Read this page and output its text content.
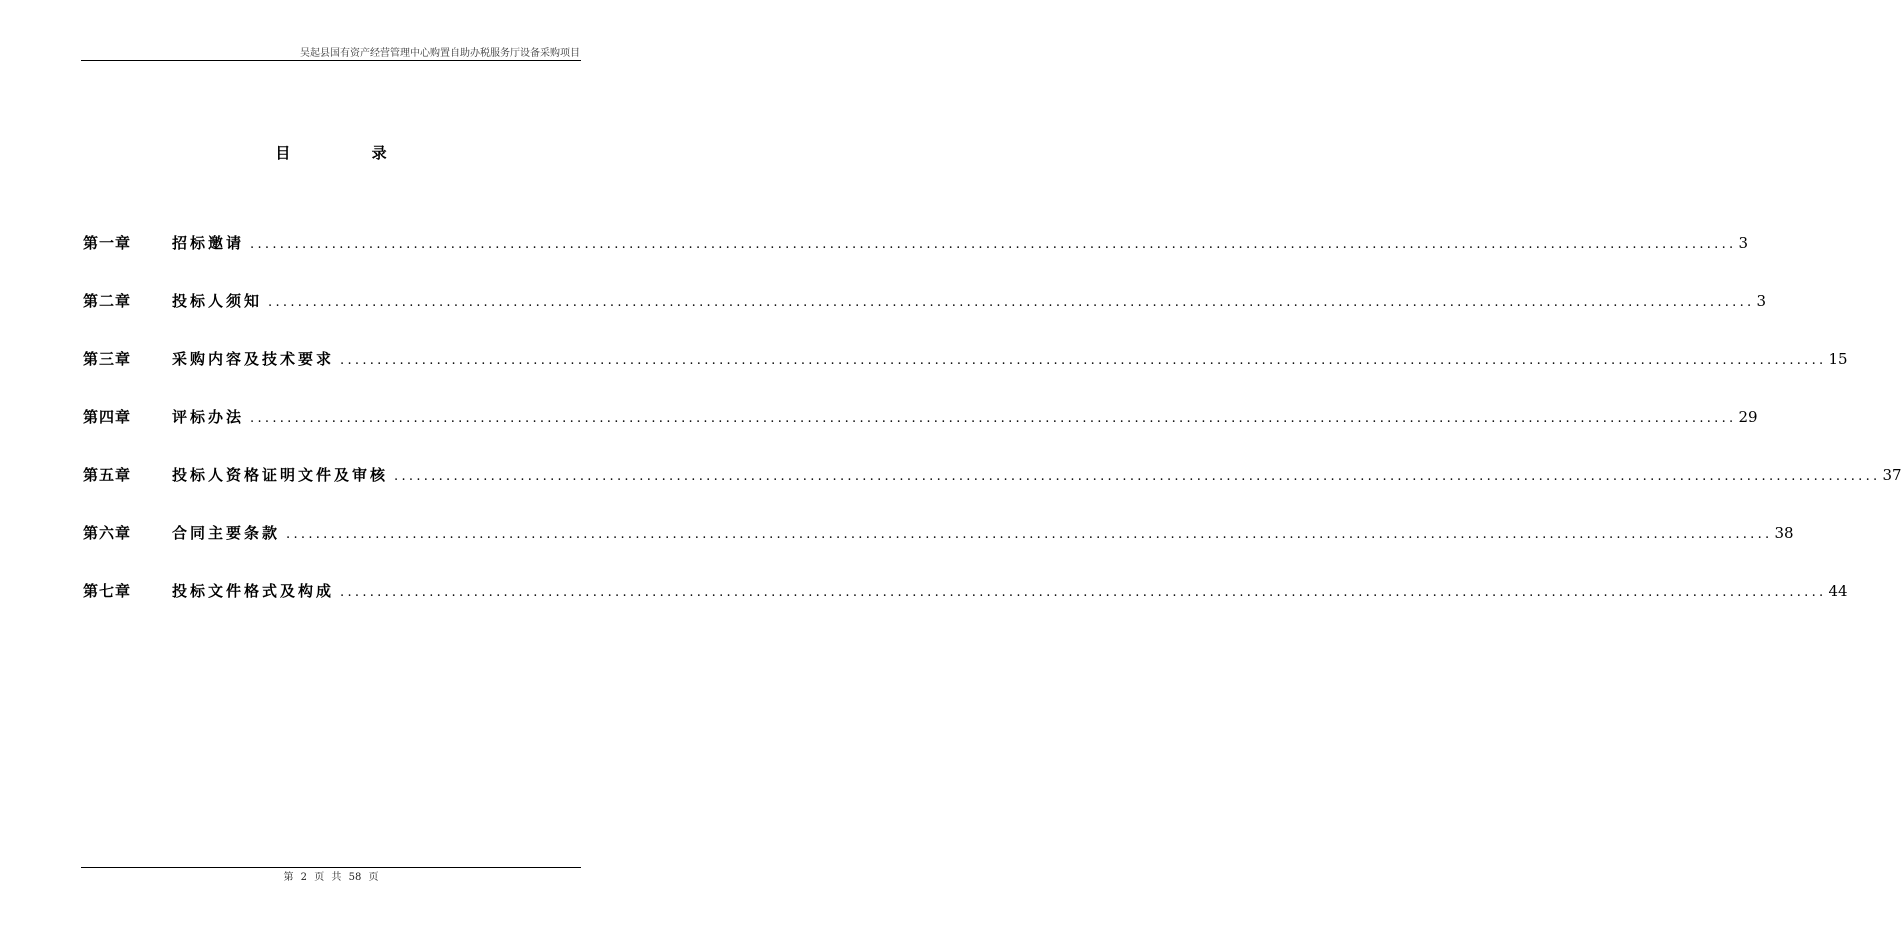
吴起县国有资产经营管理中心购置自助办税服务厅设备采购项目
目 录
第一章	招标邀请 ........................................................................................................................................................................................................ 3
第二章	投标人须知 ........................................................................................................................................................................................................ 3
第三章	采购内容及技术要求 ........................................................................................................................................................................................................ 15
第四章	评标办法 ........................................................................................................................................................................................................ 29
第五章	投标人资格证明文件及审核 ........................................................................................................................................................................................................ 37
第六章	合同主要条款 ........................................................................................................................................................................................................ 38
第七章	投标文件格式及构成 ........................................................................................................................................................................................................ 44
第 2 页 共 58 页
